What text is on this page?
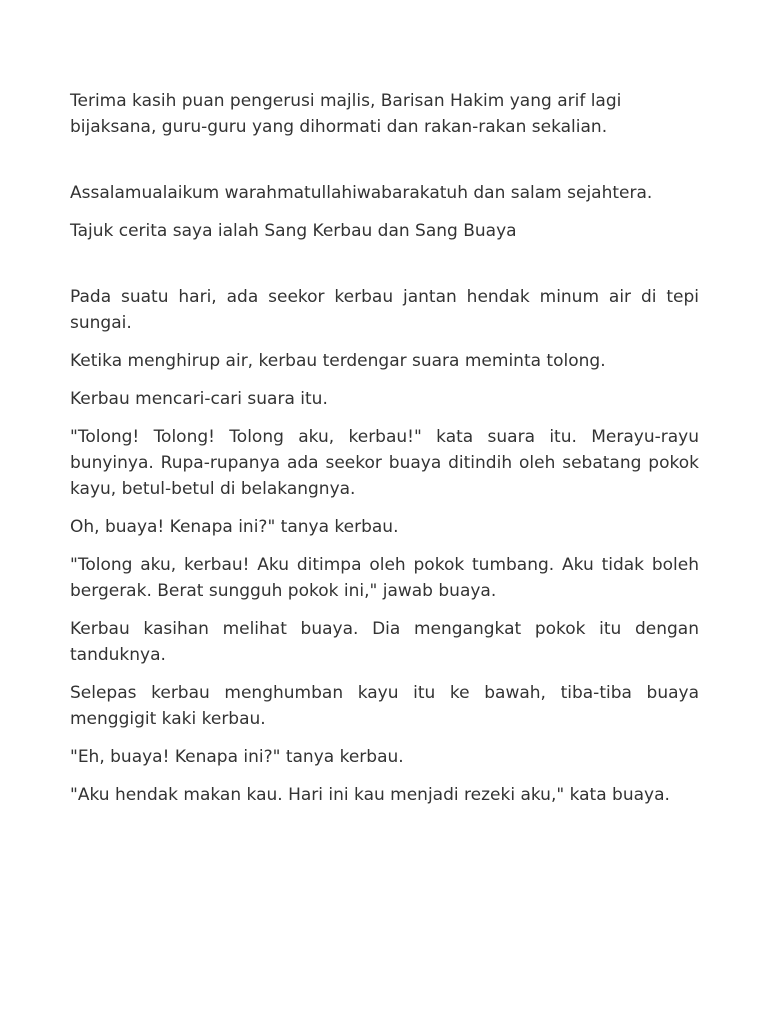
Terima kasih puan pengerusi majlis, Barisan Hakim yang arif lagi bijaksana, guru-guru yang dihormati dan rakan-rakan sekalian.

Assalamualaikum warahmatullahiwabarakatuh dan salam sejahtera.

Tajuk cerita saya ialah Sang Kerbau dan Sang Buaya

Pada suatu hari, ada seekor kerbau jantan hendak minum air di tepi sungai.

Ketika menghirup air, kerbau terdengar suara meminta tolong.

Kerbau mencari-cari suara itu.

"Tolong! Tolong! Tolong aku, kerbau!" kata suara itu. Merayu-rayu bunyinya. Rupa-rupanya ada seekor buaya ditindih oleh sebatang pokok kayu, betul-betul di belakangnya.

Oh, buaya! Kenapa ini?" tanya kerbau.

"Tolong aku, kerbau! Aku ditimpa oleh pokok tumbang. Aku tidak boleh bergerak. Berat sungguh pokok ini," jawab buaya.

Kerbau kasihan melihat buaya. Dia mengangkat pokok itu dengan tanduknya.

Selepas kerbau menghumban kayu itu ke bawah, tiba-tiba buaya menggigit kaki kerbau.

"Eh, buaya! Kenapa ini?" tanya kerbau.

"Aku hendak makan kau. Hari ini kau menjadi rezeki aku," kata buaya.
